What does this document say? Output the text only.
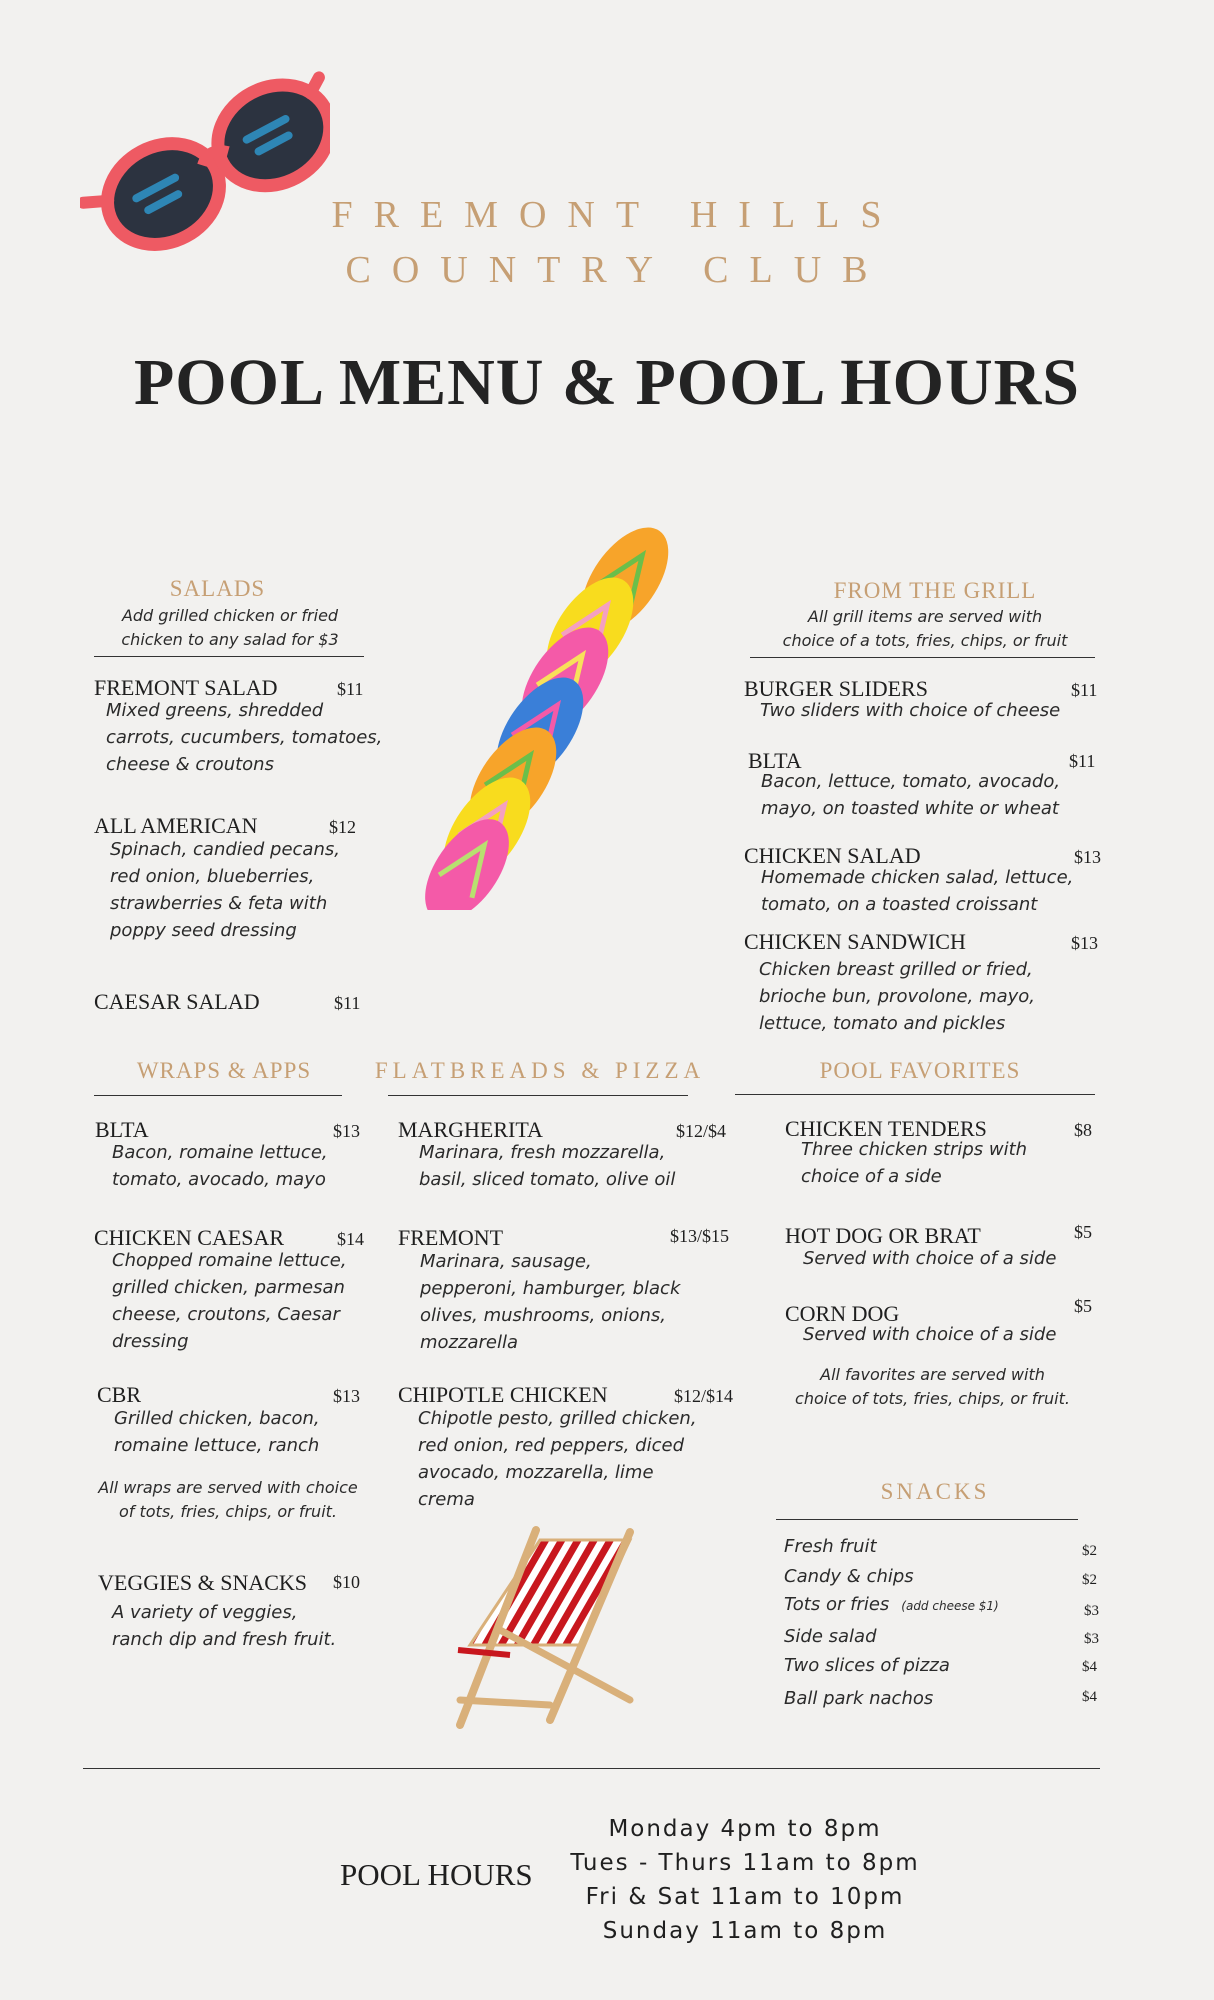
FREMONT HILLS
COUNTRY CLUB
POOL MENU & POOL HOURS
SALADS
Add grilled chicken or fried
chicken to any salad for $3
FREMONT SALAD	$11
Mixed greens, shredded
carrots, cucumbers, tomatoes,
cheese & croutons
ALL AMERICAN	$12
Spinach, candied pecans,
red onion, blueberries,
strawberries & feta with
poppy seed dressing
CAESAR SALAD	$11
FROM THE GRILL
All grill items are served with
choice of a tots, fries, chips, or fruit
BURGER SLIDERS	$11
Two sliders with choice of cheese
BLTA	$11
Bacon, lettuce, tomato, avocado,
mayo, on toasted white or wheat
CHICKEN SALAD	$13
Homemade chicken salad, lettuce,
tomato, on a toasted croissant
CHICKEN SANDWICH	$13
Chicken breast grilled or fried,
brioche bun, provolone, mayo,
lettuce, tomato and pickles
WRAPS & APPS
BLTA	$13
Bacon, romaine lettuce,
tomato, avocado, mayo
CHICKEN CAESAR	$14
Chopped romaine lettuce,
grilled chicken, parmesan
cheese, croutons, Caesar
dressing
CBR	$13
Grilled chicken, bacon,
romaine lettuce, ranch
All wraps are served with choice
of tots, fries, chips, or fruit.
VEGGIES & SNACKS $10
A variety of veggies,
ranch dip and fresh fruit.
FLATBREADS & PIZZA
MARGHERITA	$12/$4
Marinara, fresh mozzarella,
basil, sliced tomato, olive oil
FREMONT	$13/$15
Marinara, sausage,
pepperoni, hamburger, black
olives, mushrooms, onions,
mozzarella
CHIPOTLE CHICKEN	$12/$14
Chipotle pesto, grilled chicken,
red onion, red peppers, diced
avocado, mozzarella, lime
crema
POOL FAVORITES
CHICKEN TENDERS	$8
Three chicken strips with
choice of a side
HOT DOG OR BRAT	$5
Served with choice of a side
CORN DOG	$5
Served with choice of a side
All favorites are served with
choice of tots, fries, chips, or fruit.
SNACKS
Fresh fruit	$2
Candy & chips	$2
Tots or fries (add cheese $1)	$3
Side salad	$3
Two slices of pizza	$4
Ball park nachos	$4
POOL HOURS
Monday 4pm to 8pm
Tues - Thurs 11am to 8pm
Fri & Sat 11am to 10pm
Sunday 11am to 8pm
